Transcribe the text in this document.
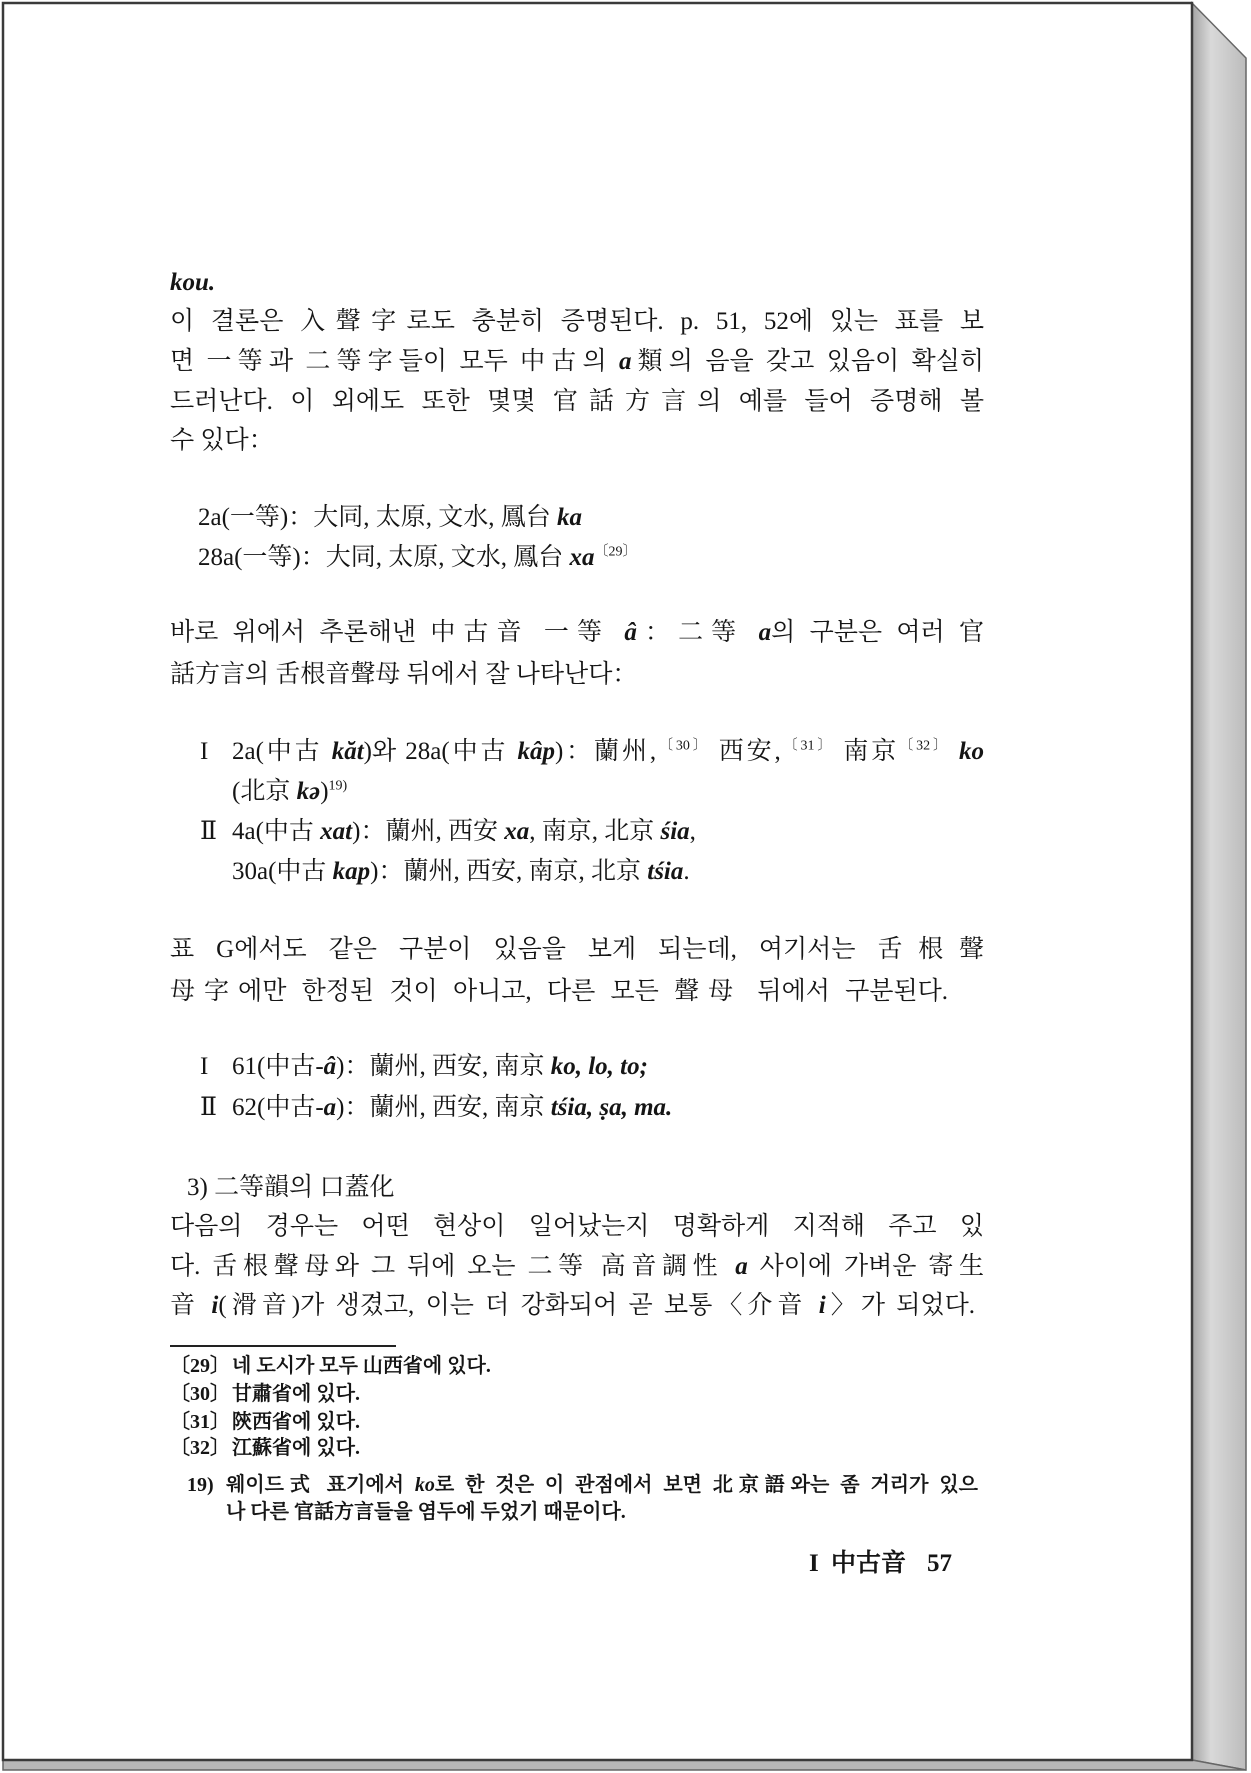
kou.
이 결론은 入聲字로도 충분히 증명된다. p. 51, 52에 있는 표를 보
면 一等과 二等字들이 모두 中古의 a類의 음을 갖고 있음이 확실히
드러난다. 이 외에도 또한 몇몇 官話方言의 예를 들어 증명해 볼
수 있다：
2a(一等)：大同, 太原, 文水, 鳳台 ka
28a(一等)：大同, 太原, 文水, 鳳台 $xa^{〔29〕}$
바로 위에서 추론해낸 中古音 一等 â：二等 a의 구분은 여러 官
話方言의 舌根音聲母 뒤에서 잘 나타난다：
I 2a(中古 kăt)와 28a(中古 kâp)：蘭州,$^{〔30〕}$ 西安,$^{〔31〕}$ 南京$^{〔32〕}$ ko
(北京 kə)$^{19)}$
Ⅱ 4a(中古 xat)：蘭州, 西安 xa, 南京, 北京 śia,
30a(中古 kap)：蘭州, 西安, 南京, 北京 tśia.
표 G에서도 같은 구분이 있음을 보게 되는데, 여기서는 舌根聲
母字에만 한정된 것이 아니고, 다른 모든 聲母 뒤에서 구분된다.
I 61(中古-â)：蘭州, 西安, 南京 ko, lo, to;
Ⅱ 62(中古-a)：蘭州, 西安, 南京 tśia, ṣa, ma.
3) 二等韻의 口蓋化
다음의 경우는 어떤 현상이 일어났는지 명확하게 지적해 주고 있
다. 舌根聲母와 그 뒤에 오는 二等 高音調性 a 사이에 가벼운 寄生
音 i(滑音)가 생겼고, 이는 더 강화되어 곧 보통〈介音 i〉가 되었다.
〔29〕 네 도시가 모두 山西省에 있다.
〔30〕 甘肅省에 있다.
〔31〕 陝西省에 있다.
〔32〕 江蘇省에 있다.
19) 웨이드式 표기에서 ko로 한 것은 이 관점에서 보면 北京語와는 좀 거리가 있으
나 다른 官話方言들을 염두에 두었기 때문이다.
I 中古音 57
